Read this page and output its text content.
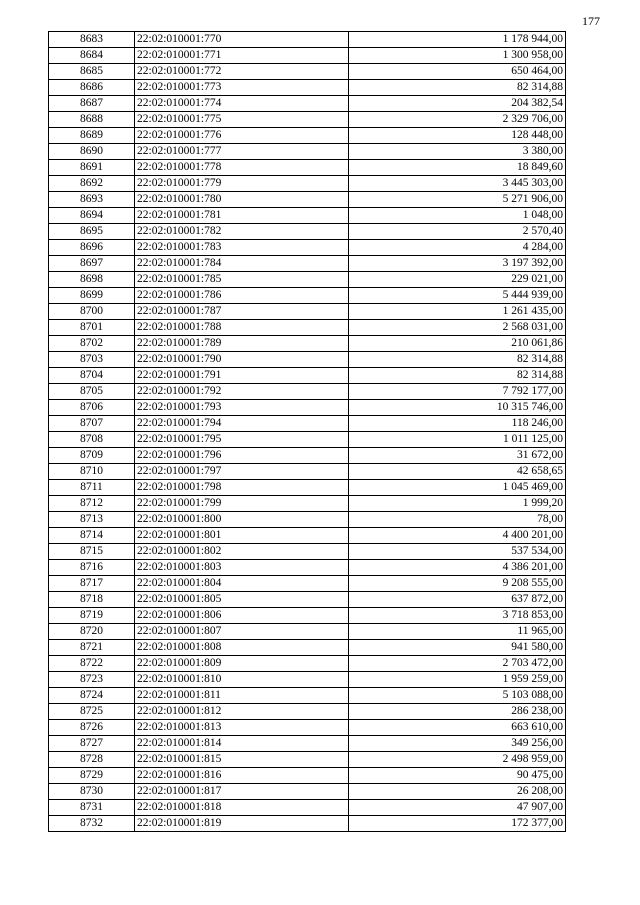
177
8683	22:02:010001:770	1 178 944,00
8684	22:02:010001:771	1 300 958,00
8685	22:02:010001:772	650 464,00
8686	22:02:010001:773	82 314,88
8687	22:02:010001:774	204 382,54
8688	22:02:010001:775	2 329 706,00
8689	22:02:010001:776	128 448,00
8690	22:02:010001:777	3 380,00
8691	22:02:010001:778	18 849,60
8692	22:02:010001:779	3 445 303,00
8693	22:02:010001:780	5 271 906,00
8694	22:02:010001:781	1 048,00
8695	22:02:010001:782	2 570,40
8696	22:02:010001:783	4 284,00
8697	22:02:010001:784	3 197 392,00
8698	22:02:010001:785	229 021,00
8699	22:02:010001:786	5 444 939,00
8700	22:02:010001:787	1 261 435,00
8701	22:02:010001:788	2 568 031,00
8702	22:02:010001:789	210 061,86
8703	22:02:010001:790	82 314,88
8704	22:02:010001:791	82 314,88
8705	22:02:010001:792	7 792 177,00
8706	22:02:010001:793	10 315 746,00
8707	22:02:010001:794	118 246,00
8708	22:02:010001:795	1 011 125,00
8709	22:02:010001:796	31 672,00
8710	22:02:010001:797	42 658,65
8711	22:02:010001:798	1 045 469,00
8712	22:02:010001:799	1 999,20
8713	22:02:010001:800	78,00
8714	22:02:010001:801	4 400 201,00
8715	22:02:010001:802	537 534,00
8716	22:02:010001:803	4 386 201,00
8717	22:02:010001:804	9 208 555,00
8718	22:02:010001:805	637 872,00
8719	22:02:010001:806	3 718 853,00
8720	22:02:010001:807	11 965,00
8721	22:02:010001:808	941 580,00
8722	22:02:010001:809	2 703 472,00
8723	22:02:010001:810	1 959 259,00
8724	22:02:010001:811	5 103 088,00
8725	22:02:010001:812	286 238,00
8726	22:02:010001:813	663 610,00
8727	22:02:010001:814	349 256,00
8728	22:02:010001:815	2 498 959,00
8729	22:02:010001:816	90 475,00
8730	22:02:010001:817	26 208,00
8731	22:02:010001:818	47 907,00
8732	22:02:010001:819	172 377,00
